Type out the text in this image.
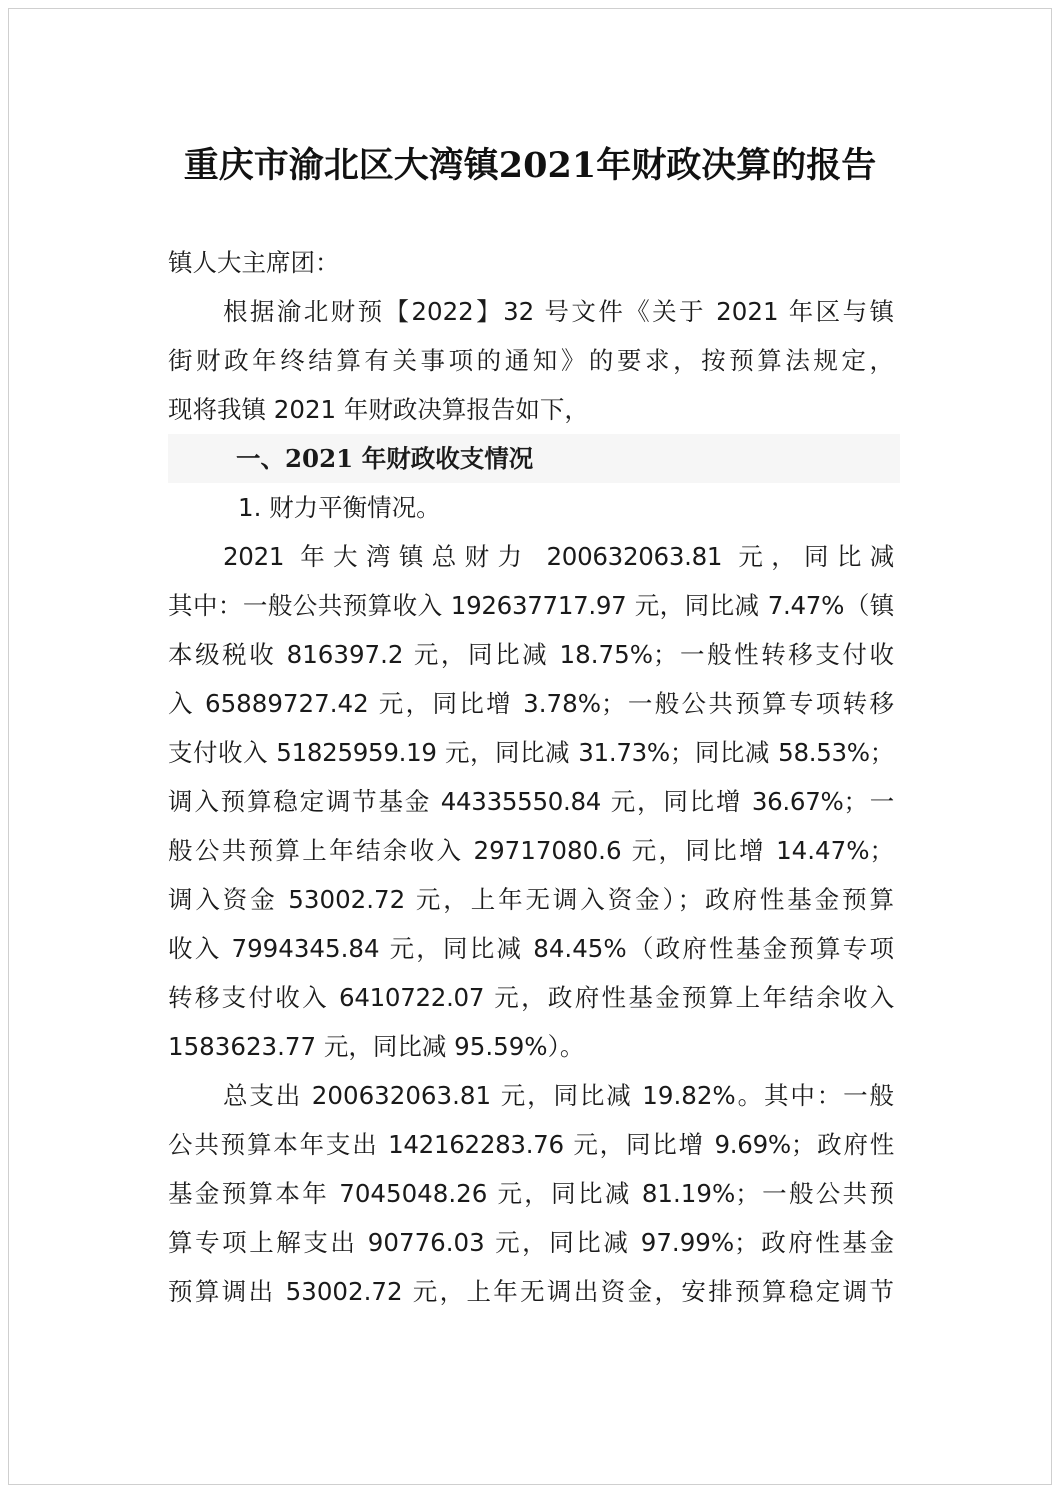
重庆市渝北区大湾镇2021年财政决算的报告
镇人大主席团：
根据渝北财预【2022】32 号文件《关于 2021 年区与镇
街财政年终结算有关事项的通知》的要求，按预算法规定，
现将我镇 2021 年财政决算报告如下，
一、2021 年财政收支情况
1. 财力平衡情况。
2021 年大湾镇总财力 200632063.81 元，同比减
其中：一般公共预算收入 192637717.97 元，同比减 7.47%（镇
本级税收 816397.2 元，同比减 18.75%；一般性转移支付收
入 65889727.42 元，同比增 3.78%；一般公共预算专项转移
支付收入 51825959.19 元，同比减 31.73%；同比减 58.53%；
调入预算稳定调节基金 44335550.84 元，同比增 36.67%；一
般公共预算上年结余收入 29717080.6 元，同比增 14.47%；
调入资金 53002.72 元，上年无调入资金）；政府性基金预算
收入 7994345.84 元，同比减 84.45%（政府性基金预算专项
转移支付收入 6410722.07 元，政府性基金预算上年结余收入
1583623.77 元，同比减 95.59%）。
总支出 200632063.81 元，同比减 19.82%。其中：一般
公共预算本年支出 142162283.76 元，同比增 9.69%；政府性
基金预算本年 7045048.26 元，同比减 81.19%；一般公共预
算专项上解支出 90776.03 元，同比减 97.99%；政府性基金
预算调出 53002.72 元，上年无调出资金，安排预算稳定调节
